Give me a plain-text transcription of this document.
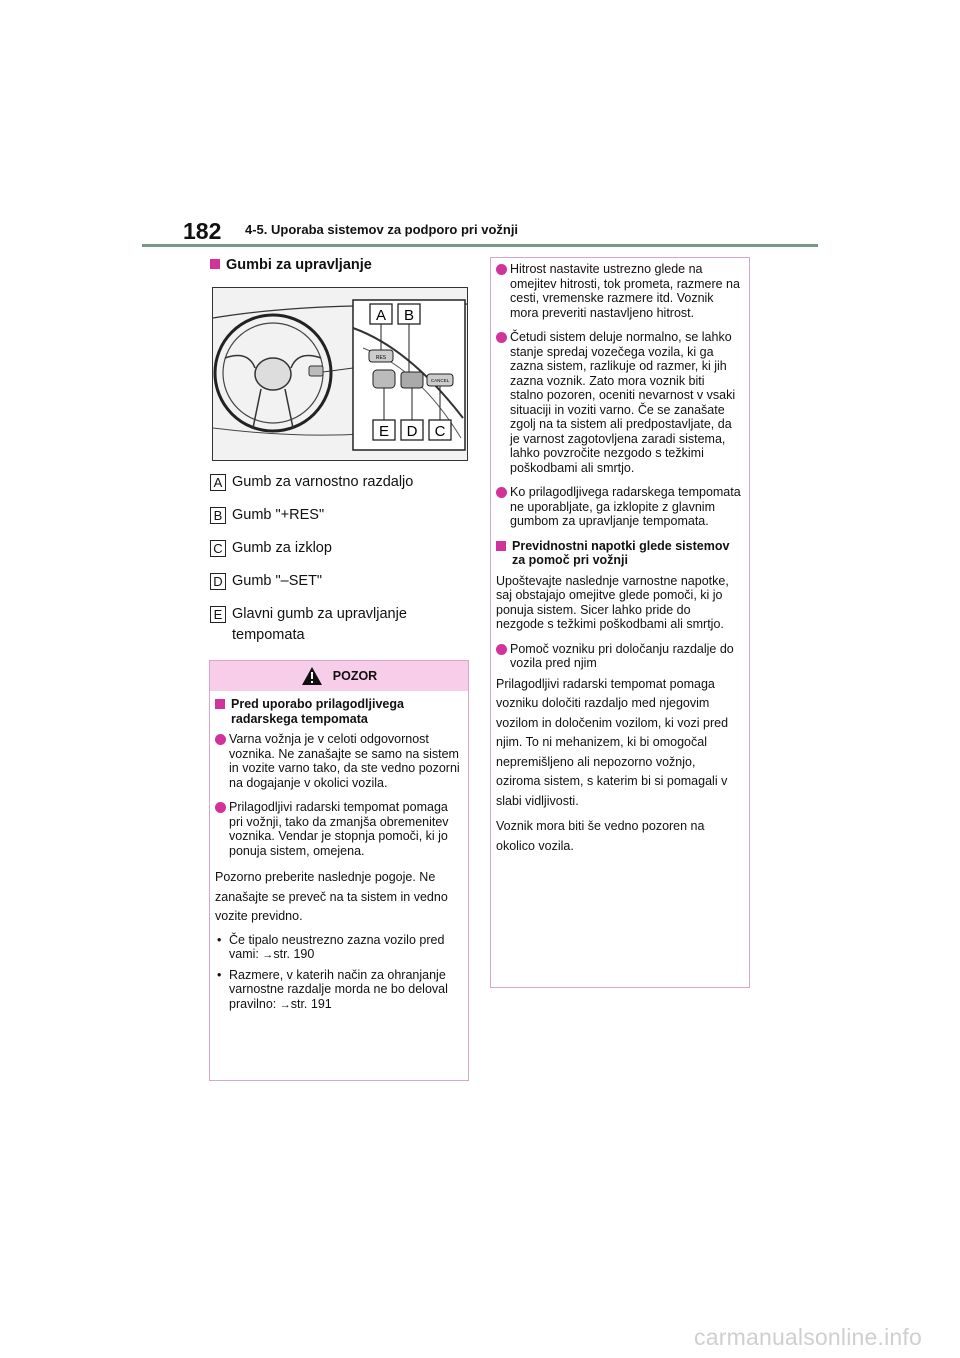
182 4-5. Uporaba sistemov za podporo pri vožnji
Gumbi za upravljanje
RES
CANCEL
A B
E D C
A Gumb za varnostno razdaljo
B Gumb "+RES"
C Gumb za izklop
D Gumb "–SET"
E Glavni gumb za upravljanje
tempomata
POZOR
Pred uporabo prilagodljivega radarskega tempomata
Varna vožnja je v celoti odgovornost voznika. Ne zanašajte se samo na sistem in vozite varno tako, da ste vedno pozorni na dogajanje v okolici vozila.
Prilagodljivi radarski tempomat pomaga pri vožnji, tako da zmanjša obremenitev voznika. Vendar je stopnja pomoči, ki jo ponuja sistem, omejena.
Pozorno preberite naslednje pogoje. Ne zanašajte se preveč na ta sistem in vedno vozite previdno.
• Če tipalo neustrezno zazna vozilo pred vami: →str. 190
• Razmere, v katerih način za ohranjanje varnostne razdalje morda ne bo deloval pravilno: →str. 191
Hitrost nastavite ustrezno glede na omejitev hitrosti, tok prometa, razmere na cesti, vremenske razmere itd. Voznik mora preveriti nastavljeno hitrost.
Četudi sistem deluje normalno, se lahko stanje spredaj vozečega vozila, ki ga zazna sistem, razlikuje od razmer, ki jih zazna voznik. Zato mora voznik biti stalno pozoren, oceniti nevarnost v vsaki situaciji in voziti varno. Če se zanašate zgolj na ta sistem ali predpostavljate, da je varnost zagotovljena zaradi sistema, lahko povzročite nezgodo s težkimi poškodbami ali smrtjo.
Ko prilagodljivega radarskega tempomata ne uporabljate, ga izklopite z glavnim gumbom za upravljanje tempomata.
Previdnostni napotki glede sistemov za pomoč pri vožnji
Upoštevajte naslednje varnostne napotke, saj obstajajo omejitve glede pomoči, ki jo ponuja sistem. Sicer lahko pride do nezgode s težkimi poškodbami ali smrtjo.
Pomoč vozniku pri določanju razdalje do vozila pred njim
Prilagodljivi radarski tempomat pomaga vozniku določiti razdaljo med njegovim vozilom in določenim vozilom, ki vozi pred njim. To ni mehanizem, ki bi omogočal nepremišljeno ali nepozorno vožnjo, oziroma sistem, s katerim bi si pomagali v slabi vidljivosti.
Voznik mora biti še vedno pozoren na okolico vozila.
carmanualsonline.info
